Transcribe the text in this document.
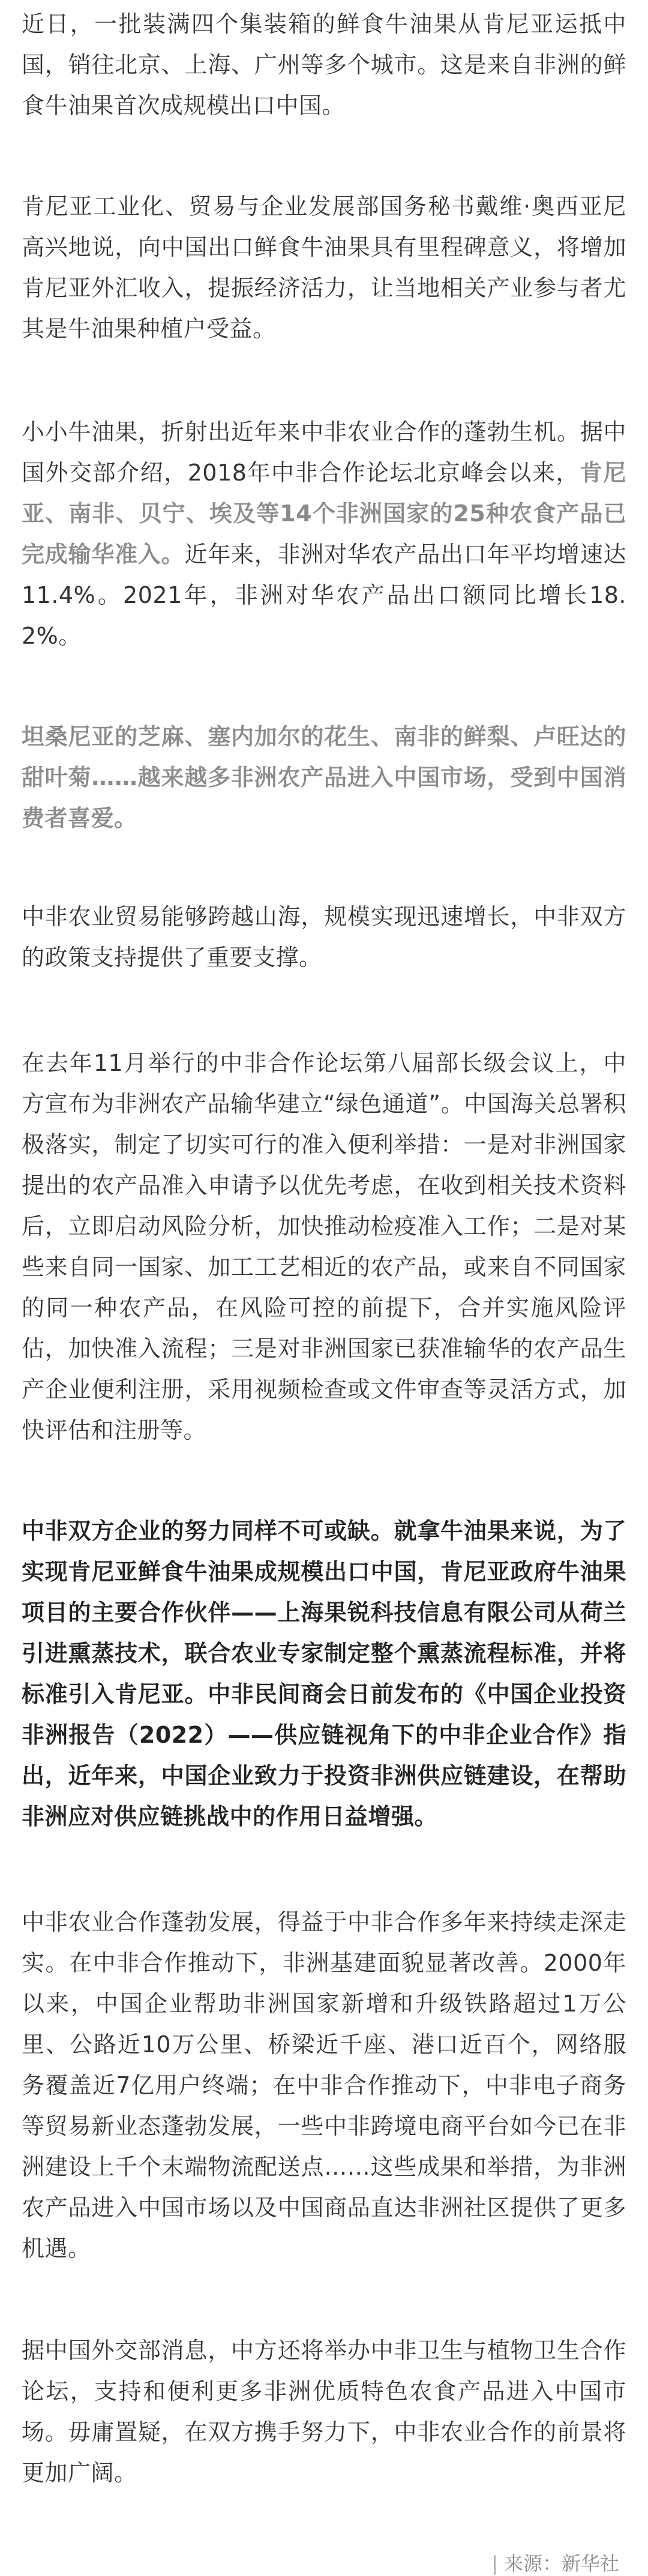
近日，一批装满四个集装箱的鲜食牛油果从肯尼亚运抵中国，销往北京、上海、广州等多个城市。这是来自非洲的鲜食牛油果首次成规模出口中国。

肯尼亚工业化、贸易与企业发展部国务秘书戴维·奥西亚尼高兴地说，向中国出口鲜食牛油果具有里程碑意义，将增加肯尼亚外汇收入，提振经济活力，让当地相关产业参与者尤其是牛油果种植户受益。

小小牛油果，折射出近年来中非农业合作的蓬勃生机。据中国外交部介绍，2018年中非合作论坛北京峰会以来，肯尼亚、南非、贝宁、埃及等14个非洲国家的25种农食产品已完成输华准入。近年来，非洲对华农产品出口年平均增速达11.4%。2021年，非洲对华农产品出口额同比增长18.2%。

坦桑尼亚的芝麻、塞内加尔的花生、南非的鲜梨、卢旺达的甜叶菊……越来越多非洲农产品进入中国市场，受到中国消费者喜爱。

中非农业贸易能够跨越山海，规模实现迅速增长，中非双方的政策支持提供了重要支撑。

在去年11月举行的中非合作论坛第八届部长级会议上，中方宣布为非洲农产品输华建立“绿色通道”。中国海关总署积极落实，制定了切实可行的准入便利举措：一是对非洲国家提出的农产品准入申请予以优先考虑，在收到相关技术资料后，立即启动风险分析，加快推动检疫准入工作；二是对某些来自同一国家、加工工艺相近的农产品，或来自不同国家的同一种农产品，在风险可控的前提下，合并实施风险评估，加快准入流程；三是对非洲国家已获准输华的农产品生产企业便利注册，采用视频检查或文件审查等灵活方式，加快评估和注册等。

中非双方企业的努力同样不可或缺。就拿牛油果来说，为了实现肯尼亚鲜食牛油果成规模出口中国，肯尼亚政府牛油果项目的主要合作伙伴——上海果锐科技信息有限公司从荷兰引进熏蒸技术，联合农业专家制定整个熏蒸流程标准，并将标准引入肯尼亚。中非民间商会日前发布的《中国企业投资非洲报告（2022）——供应链视角下的中非企业合作》指出，近年来，中国企业致力于投资非洲供应链建设，在帮助非洲应对供应链挑战中的作用日益增强。

中非农业合作蓬勃发展，得益于中非合作多年来持续走深走实。在中非合作推动下，非洲基建面貌显著改善。2000年以来，中国企业帮助非洲国家新增和升级铁路超过1万公里、公路近10万公里、桥梁近千座、港口近百个，网络服务覆盖近7亿用户终端；在中非合作推动下，中非电子商务等贸易新业态蓬勃发展，一些中非跨境电商平台如今已在非洲建设上千个末端物流配送点……这些成果和举措，为非洲农产品进入中国市场以及中国商品直达非洲社区提供了更多机遇。

据中国外交部消息，中方还将举办中非卫生与植物卫生合作论坛，支持和便利更多非洲优质特色农食产品进入中国市场。毋庸置疑，在双方携手努力下，中非农业合作的前景将更加广阔。

| 来源：新华社
